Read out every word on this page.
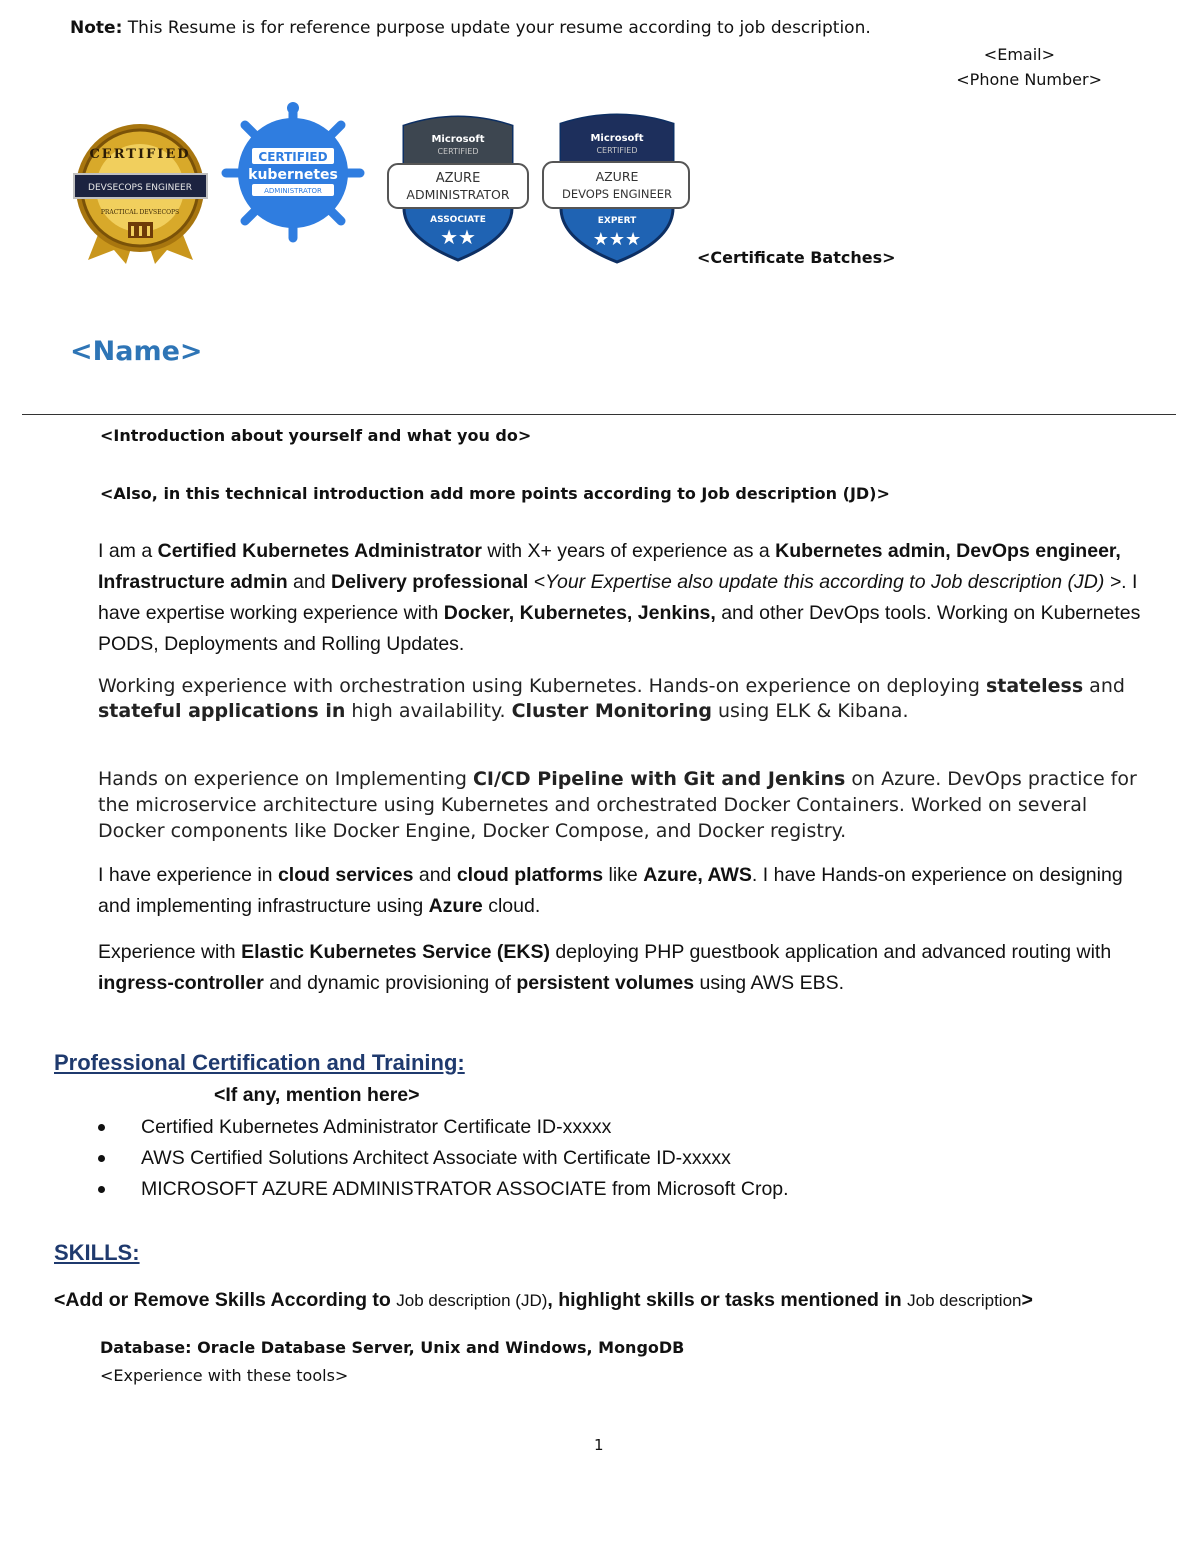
Note: This Resume is for reference purpose update your resume according to job description.
<Email>
<Phone Number>
CERTIFIED
DEVSECOPS ENGINEER
PRACTICAL DEVSECOPS
CERTIFIED
kubernetes
ADMINISTRATOR
Microsoft
CERTIFIED
AZURE
ADMINISTRATOR
ASSOCIATE
★★
Microsoft
CERTIFIED
AZURE
DEVOPS ENGINEER
EXPERT
★★★
<Certificate Batches>
<Name>
<Introduction about yourself and what you do>
<Also, in this technical introduction add more points according to Job description (JD)>

I am a Certified Kubernetes Administrator with X+ years of experience as a Kubernetes admin, DevOps engineer, Infrastructure admin and Delivery professional <Your Expertise also update this according to Job description (JD) >. I have expertise working experience with Docker, Kubernetes, Jenkins, and other DevOps tools. Working on Kubernetes PODS, Deployments and Rolling Updates.

Working experience with orchestration using Kubernetes. Hands-on experience on deploying stateless and
stateful applications in high availability. Cluster Monitoring using ELK & Kibana.

Hands on experience on Implementing CI/CD Pipeline with Git and Jenkins on Azure. DevOps practice for the microservice architecture using Kubernetes and orchestrated Docker Containers. Worked on several Docker components like Docker Engine, Docker Compose, and Docker registry.

I have experience in cloud services and cloud platforms like Azure, AWS. I have Hands-on experience on designing and implementing infrastructure using Azure cloud.

Experience with Elastic Kubernetes Service (EKS) deploying PHP guestbook application and advanced routing with ingress-controller and dynamic provisioning of persistent volumes using AWS EBS.

Professional Certification and Training:
<If any, mention here>
Certified Kubernetes Administrator Certificate ID-xxxxx
AWS Certified Solutions Architect Associate with Certificate ID-xxxxx
MICROSOFT AZURE ADMINISTRATOR ASSOCIATE from Microsoft Crop.
SKILLS:
<Add or Remove Skills According to Job description (JD), highlight skills or tasks mentioned in Job description>
Database: Oracle Database Server, Unix and Windows, MongoDB
<Experience with these tools>
1
